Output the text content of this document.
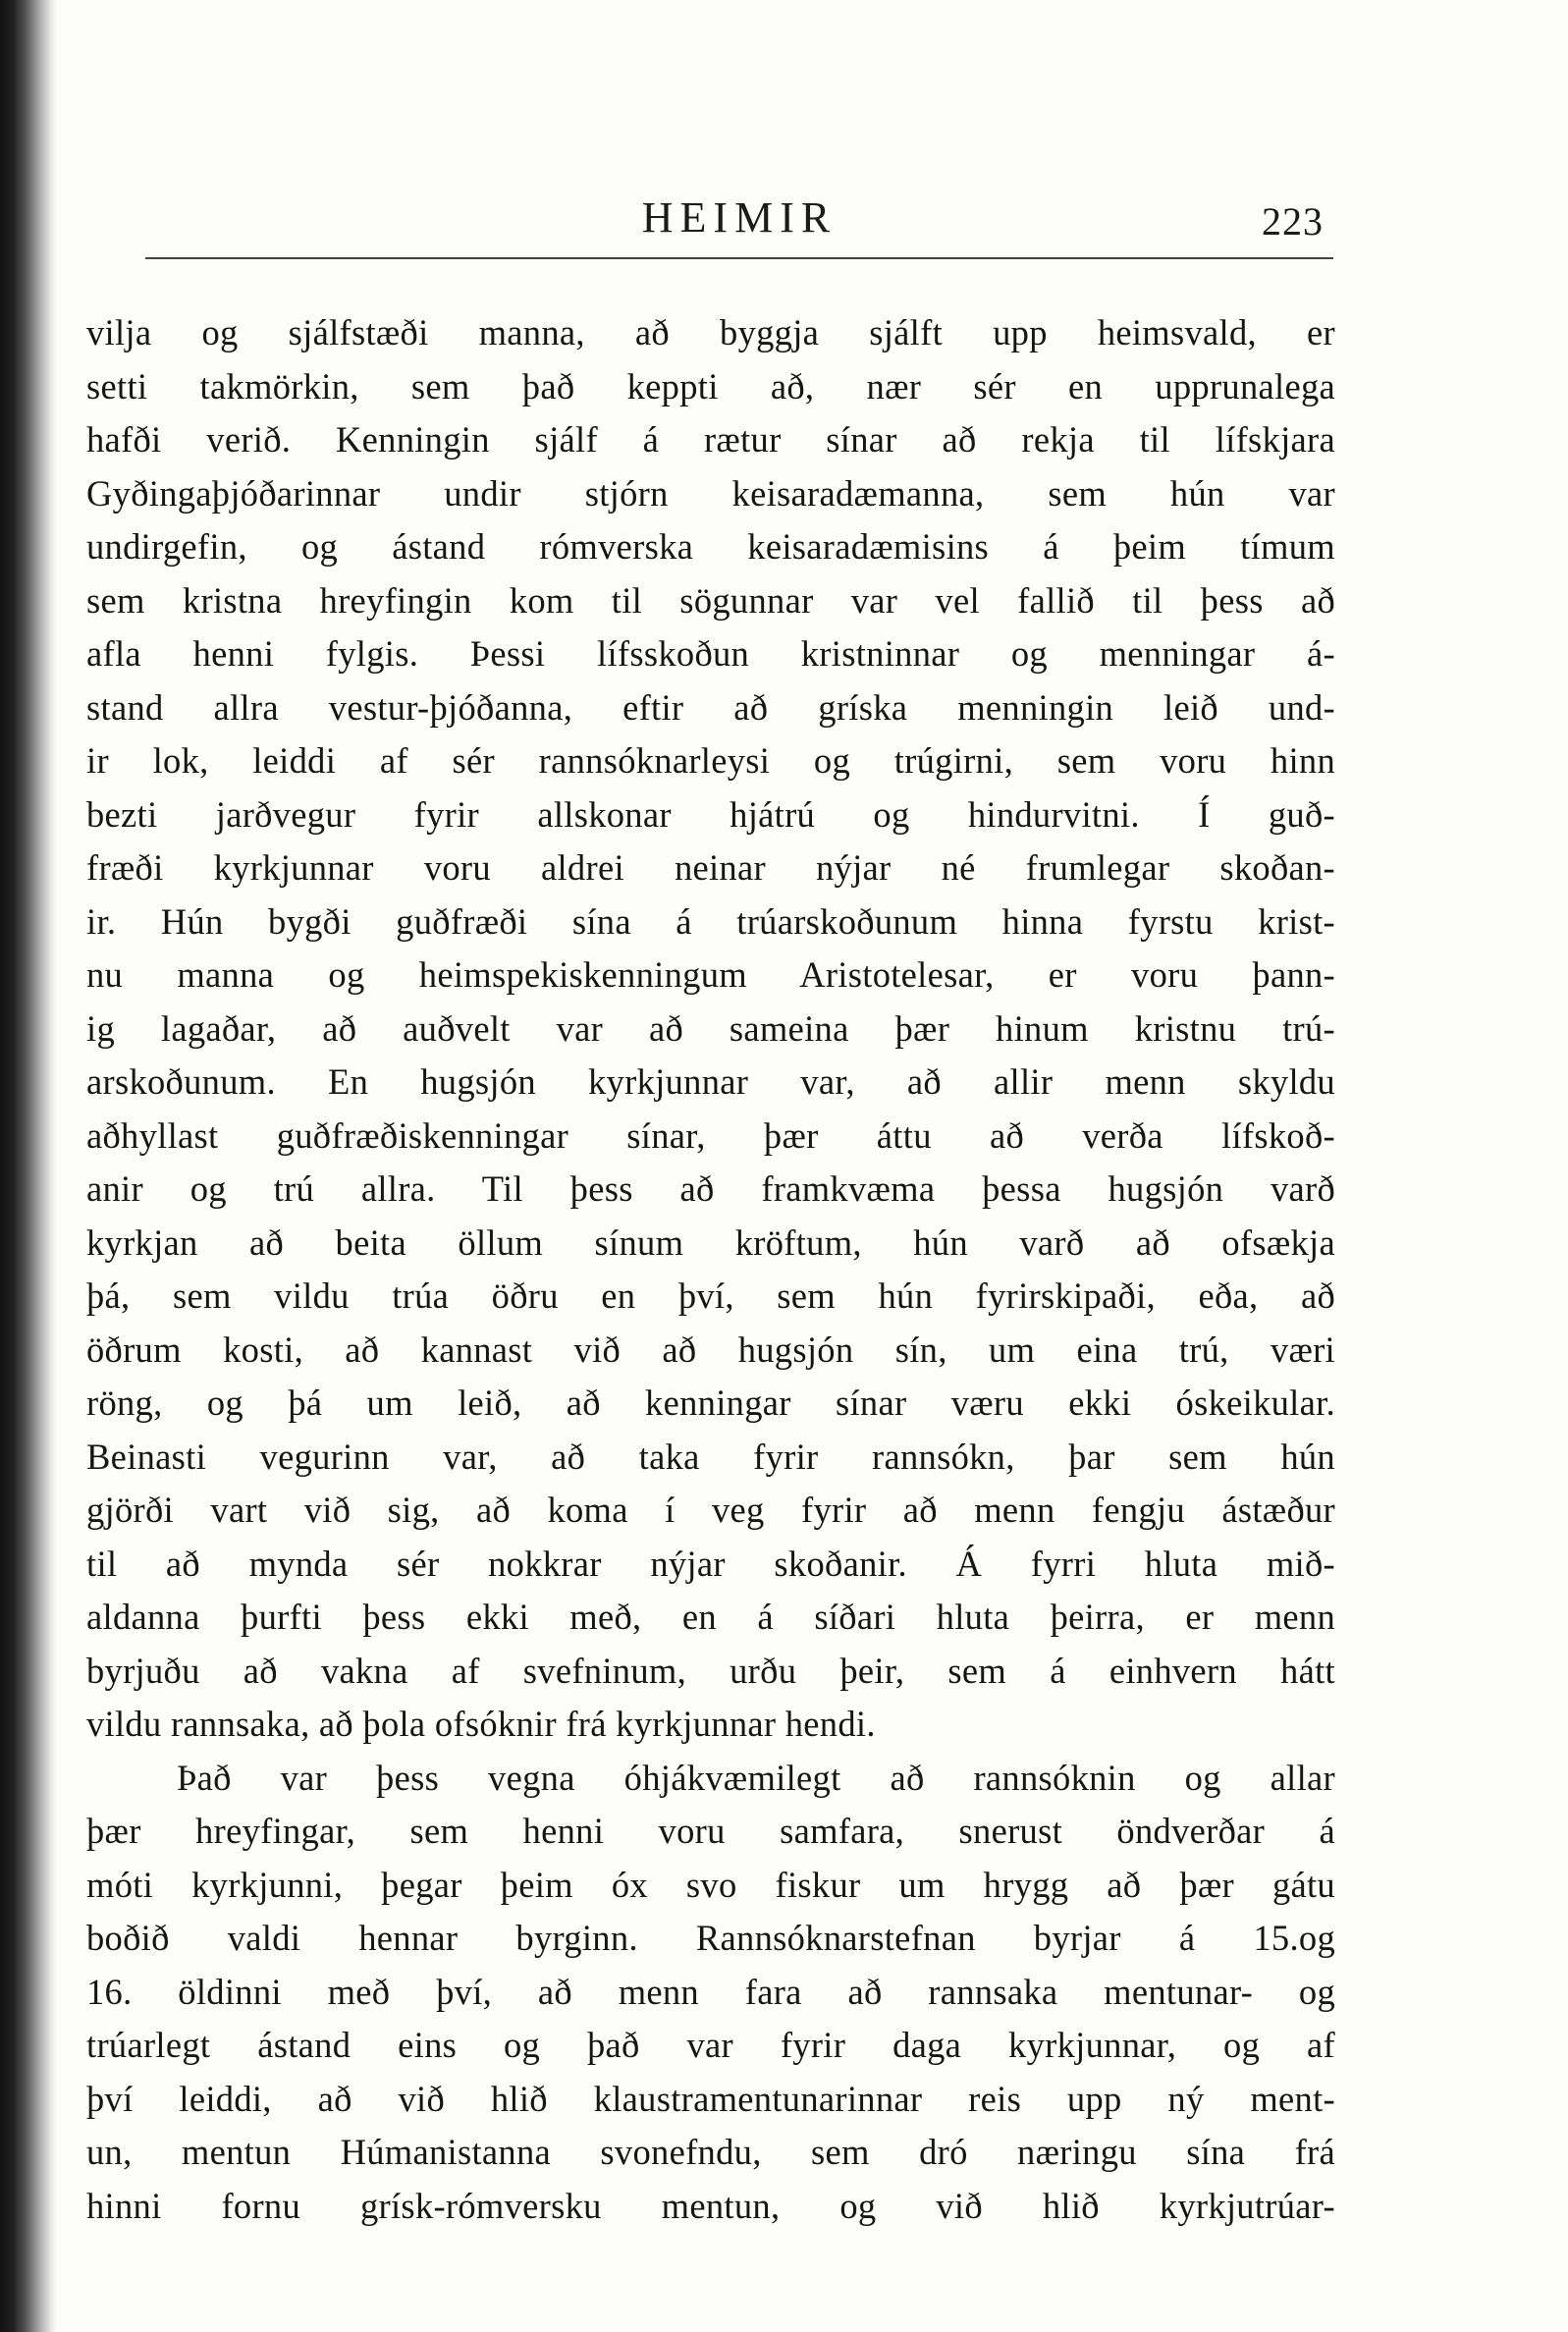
HEIMIR	223
vilja og sjálfstæði manna, að byggja sjálft upp heimsvald, er
setti takmörkin, sem það keppti að, nær sér en upprunalega
hafði verið. Kenningin sjálf á rætur sínar að rekja til lífskjara
Gyðingaþjóðarinnar undir stjórn keisaradæmanna, sem hún var
undirgefin, og ástand rómverska keisaradæmisins á þeim tímum
sem kristna hreyfingin kom til sögunnar var vel fallið til þess að
afla henni fylgis. Þessi lífsskoðun kristninnar og menningar á-
stand allra vestur-þjóðanna, eftir að gríska menningin leið und-
ir lok, leiddi af sér rannsóknarleysi og trúgirni, sem voru hinn
bezti jarðvegur fyrir allskonar hjátrú og hindurvitni. Í guð-
fræði kyrkjunnar voru aldrei neinar nýjar né frumlegar skoðan-
ir. Hún bygði guðfræði sína á trúarskoðunum hinna fyrstu krist-
nu manna og heimspekiskenningum Aristotelesar, er voru þann-
ig lagaðar, að auðvelt var að sameina þær hinum kristnu trú-
arskoðunum. En hugsjón kyrkjunnar var, að allir menn skyldu
aðhyllast guðfræðiskenningar sínar, þær áttu að verða lífskoð-
anir og trú allra. Til þess að framkvæma þessa hugsjón varð
kyrkjan að beita öllum sínum kröftum, hún varð að ofsækja
þá, sem vildu trúa öðru en því, sem hún fyrirskipaði, eða, að
öðrum kosti, að kannast við að hugsjón sín, um eina trú, væri
röng, og þá um leið, að kenningar sínar væru ekki óskeikular.
Beinasti vegurinn var, að taka fyrir rannsókn, þar sem hún
gjörði vart við sig, að koma í veg fyrir að menn fengju ástæður
til að mynda sér nokkrar nýjar skoðanir. Á fyrri hluta mið-
aldanna þurfti þess ekki með, en á síðari hluta þeirra, er menn
byrjuðu að vakna af svefninum, urðu þeir, sem á einhvern hátt
vildu rannsaka, að þola ofsóknir frá kyrkjunnar hendi.
Það var þess vegna óhjákvæmilegt að rannsóknin og allar
þær hreyfingar, sem henni voru samfara, snerust öndverðar á
móti kyrkjunni, þegar þeim óx svo fiskur um hrygg að þær gátu
boðið valdi hennar byrginn. Rannsóknarstefnan byrjar á 15.og
16. öldinni með því, að menn fara að rannsaka mentunar- og
trúarlegt ástand eins og það var fyrir daga kyrkjunnar, og af
því leiddi, að við hlið klaustramentunarinnar reis upp ný ment-
un, mentun Húmanistanna svonefndu, sem dró næringu sína frá
hinni fornu grísk-rómversku mentun, og við hlið kyrkjutrúar-
